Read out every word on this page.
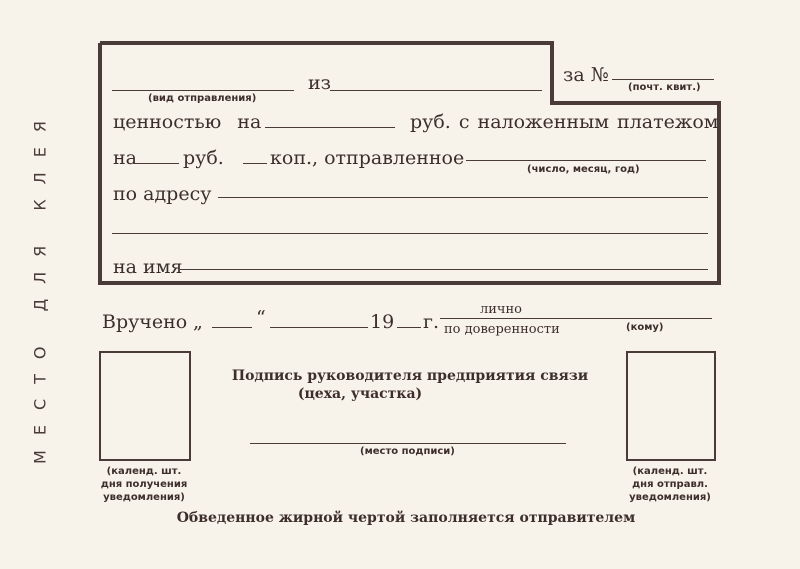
МЕСТО ДЛЯ КЛЕЯ
(вид отправления)
из	за №
(почт. квит.)
ценностью на	руб. с наложенным платежом
на руб. коп., отправленное
(число, месяц, год)
по адресу
на имя
Вручено „	“	19 г.
лично
по доверенности	(кому)
(календ. шт.
дня получения
уведомления)
(календ. шт.
дня отправл.
уведомления)
Подпись руководителя предприятия связи
(цеха, участка)
(место подписи)
Обведенное жирной чертой заполняется отправителем
